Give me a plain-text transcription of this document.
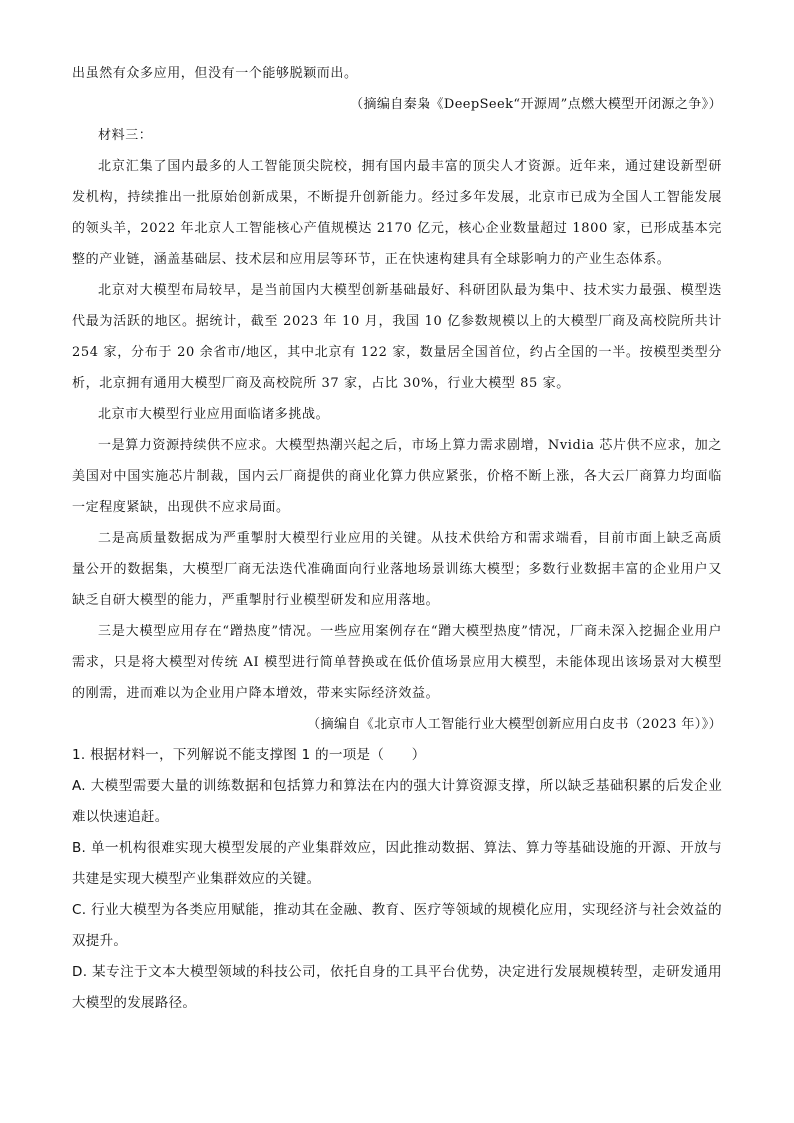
出虽然有众多应用，但没有一个能够脱颖而出。

（摘编自秦枭《DeepSeek“开源周”点燃大模型开闭源之争》）

材料三：

北京汇集了国内最多的人工智能顶尖院校，拥有国内最丰富的顶尖人才资源。近年来，通过建设新型研发机构，持续推出一批原始创新成果，不断提升创新能力。经过多年发展，北京市已成为全国人工智能发展的领头羊，2022 年北京人工智能核心产值规模达 2170 亿元，核心企业数量超过 1800 家，已形成基本完整的产业链，涵盖基础层、技术层和应用层等环节，正在快速构建具有全球影响力的产业生态体系。

北京对大模型布局较早，是当前国内大模型创新基础最好、科研团队最为集中、技术实力最强、模型迭代最为活跃的地区。据统计，截至 2023 年 10 月，我国 10 亿参数规模以上的大模型厂商及高校院所共计 254 家，分布于 20 余省市/地区，其中北京有 122 家，数量居全国首位，约占全国的一半。按模型类型分析，北京拥有通用大模型厂商及高校院所 37 家，占比 30%，行业大模型 85 家。

北京市大模型行业应用面临诸多挑战。

一是算力资源持续供不应求。大模型热潮兴起之后，市场上算力需求剧增，Nvidia 芯片供不应求，加之美国对中国实施芯片制裁，国内云厂商提供的商业化算力供应紧张，价格不断上涨，各大云厂商算力均面临一定程度紧缺，出现供不应求局面。

二是高质量数据成为严重掣肘大模型行业应用的关键。从技术供给方和需求端看，目前市面上缺乏高质量公开的数据集，大模型厂商无法迭代准确面向行业落地场景训练大模型；多数行业数据丰富的企业用户又缺乏自研大模型的能力，严重掣肘行业模型研发和应用落地。

三是大模型应用存在“蹭热度”情况。一些应用案例存在“蹭大模型热度”情况，厂商未深入挖掘企业用户需求，只是将大模型对传统 AI 模型进行简单替换或在低价值场景应用大模型，未能体现出该场景对大模型的刚需，进而难以为企业用户降本增效，带来实际经济效益。

（摘编自《北京市人工智能行业大模型创新应用白皮书（2023 年）》）

1. 根据材料一，下列解说不能支撑图 1 的一项是（　　）

A. 大模型需要大量的训练数据和包括算力和算法在内的强大计算资源支撑，所以缺乏基础积累的后发企业难以快速追赶。

B. 单一机构很难实现大模型发展的产业集群效应，因此推动数据、算法、算力等基础设施的开源、开放与共建是实现大模型产业集群效应的关键。

C. 行业大模型为各类应用赋能，推动其在金融、教育、医疗等领域的规模化应用，实现经济与社会效益的双提升。

D. 某专注于文本大模型领域的科技公司，依托自身的工具平台优势，决定进行发展规模转型，走研发通用大模型的发展路径。
